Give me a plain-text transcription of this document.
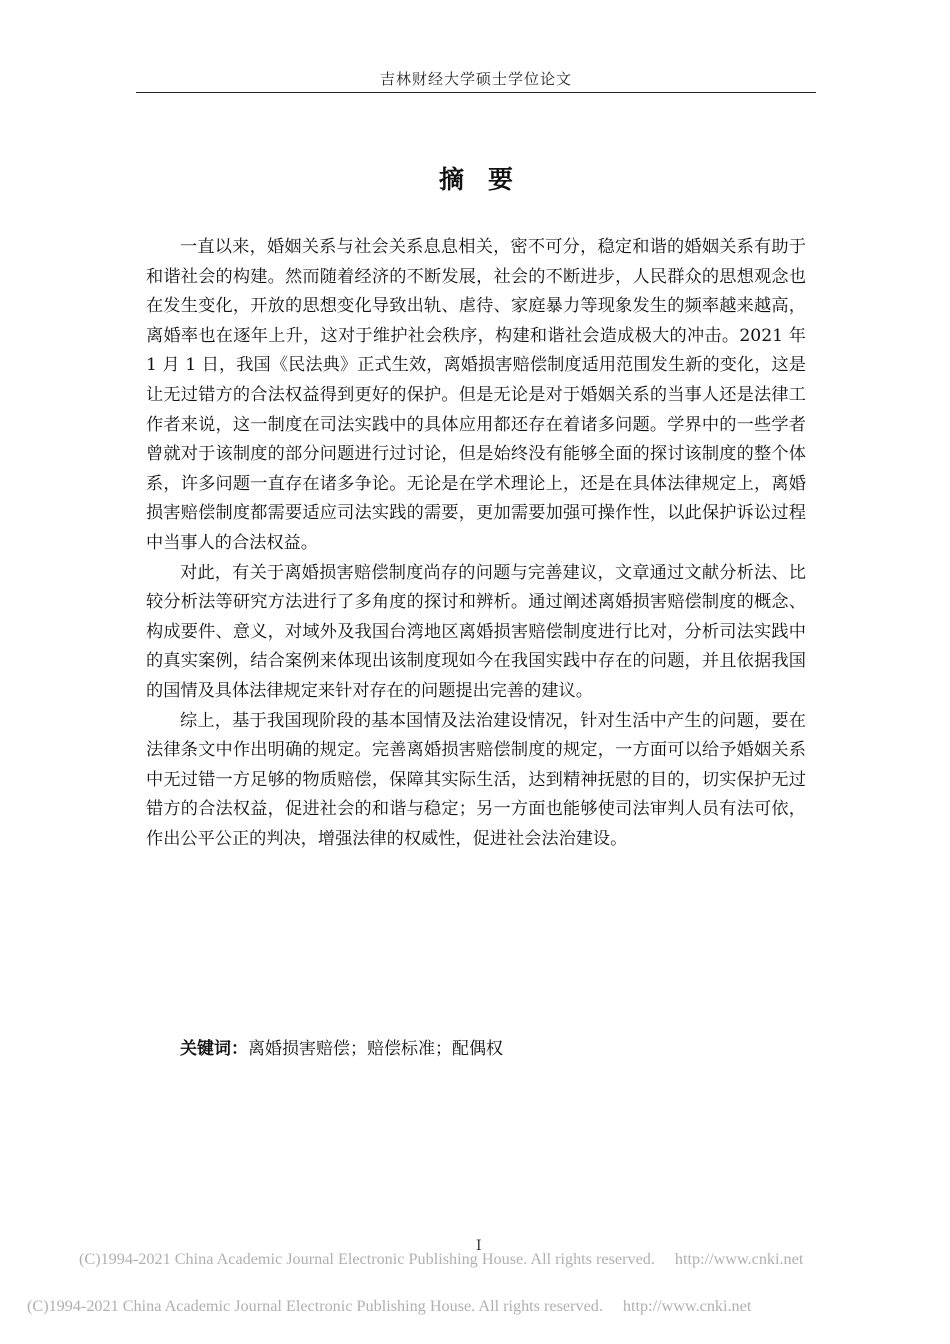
吉林财经大学硕士学位论文
摘要

一直以来，婚姻关系与社会关系息息相关，密不可分，稳定和谐的婚姻关系有助于和谐社会的构建。然而随着经济的不断发展，社会的不断进步，人民群众的思想观念也在发生变化，开放的思想变化导致出轨、虐待、家庭暴力等现象发生的频率越来越高，离婚率也在逐年上升，这对于维护社会秩序，构建和谐社会造成极大的冲击。2021 年 1 月 1 日，我国《民法典》正式生效，离婚损害赔偿制度适用范围发生新的变化，这是让无过错方的合法权益得到更好的保护。但是无论是对于婚姻关系的当事人还是法律工作者来说，这一制度在司法实践中的具体应用都还存在着诸多问题。学界中的一些学者曾就对于该制度的部分问题进行过讨论，但是始终没有能够全面的探讨该制度的整个体系，许多问题一直存在诸多争论。无论是在学术理论上，还是在具体法律规定上，离婚损害赔偿制度都需要适应司法实践的需要，更加需要加强可操作性，以此保护诉讼过程中当事人的合法权益。

对此，有关于离婚损害赔偿制度尚存的问题与完善建议，文章通过文献分析法、比较分析法等研究方法进行了多角度的探讨和辨析。通过阐述离婚损害赔偿制度的概念、构成要件、意义，对域外及我国台湾地区离婚损害赔偿制度进行比对，分析司法实践中的真实案例，结合案例来体现出该制度现如今在我国实践中存在的问题，并且依据我国的国情及具体法律规定来针对存在的问题提出完善的建议。

综上，基于我国现阶段的基本国情及法治建设情况，针对生活中产生的问题，要在法律条文中作出明确的规定。完善离婚损害赔偿制度的规定，一方面可以给予婚姻关系中无过错一方足够的物质赔偿，保障其实际生活，达到精神抚慰的目的，切实保护无过错方的合法权益，促进社会的和谐与稳定；另一方面也能够使司法审判人员有法可依，作出公平公正的判决，增强法律的权威性，促进社会法治建设。

关键词：离婚损害赔偿；赔偿标准；配偶权
I
(C)1994-2021 China Academic Journal Electronic Publishing House. All rights reserved. http://www.cnki.net
(C)1994-2021 China Academic Journal Electronic Publishing House. All rights reserved. http://www.cnki.net
